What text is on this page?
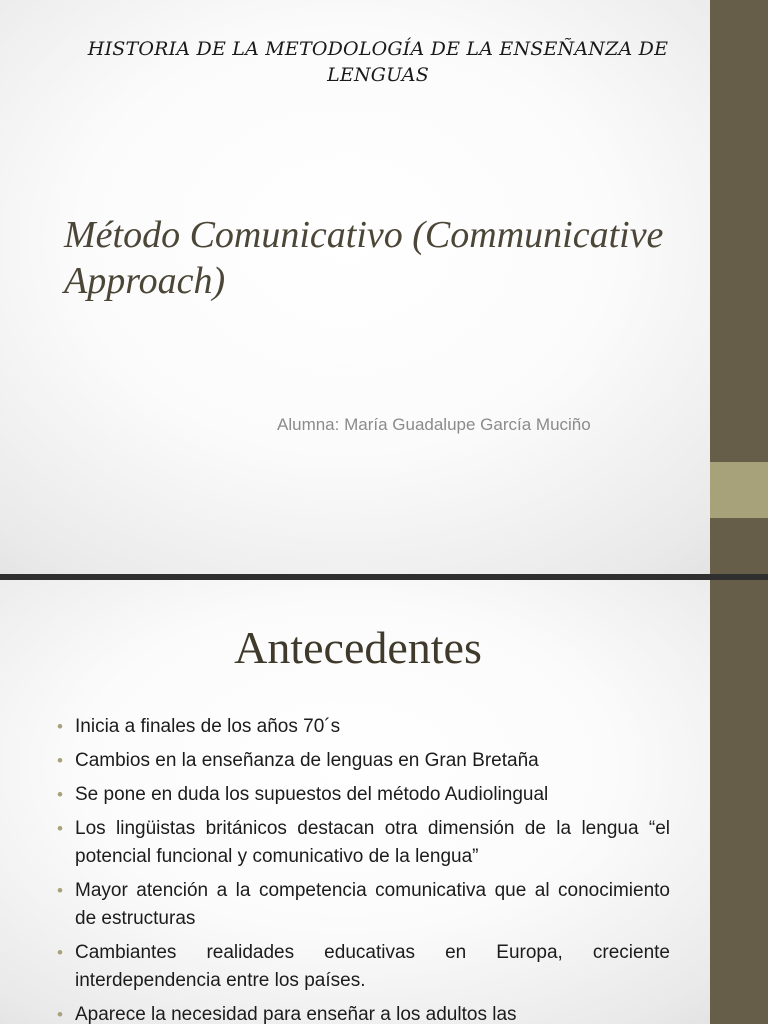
HISTORIA DE LA METODOLOGÍA DE LA ENSEÑANZA DE LENGUAS
Método Comunicativo (Communicative Approach)
Alumna: María Guadalupe García Muciño
Antecedentes
• Inicia a finales de los años 70´s
• Cambios en la enseñanza de lenguas en Gran Bretaña
• Se pone en duda los supuestos del método Audiolingual
• Los lingüistas británicos destacan otra dimensión de la lengua “el potencial funcional y comunicativo de la lengua”
• Mayor atención a la competencia comunicativa que al conocimiento de estructuras
• Cambiantes realidades educativas en Europa, creciente interdependencia entre los países.
• Aparece la necesidad para enseñar a los adultos las
